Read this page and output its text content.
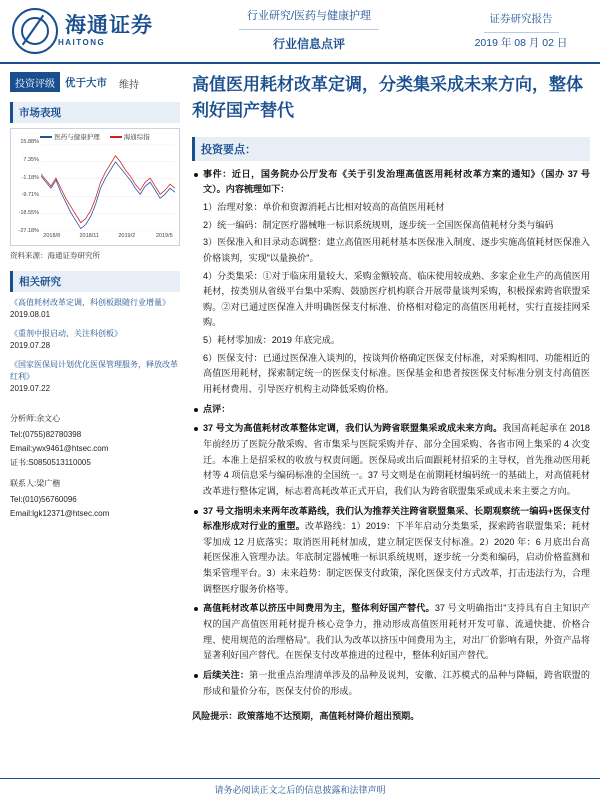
海通证券
HAITONG
行业研究/医药与健康护理
行业信息点评
证券研究报告
2019 年 08 月 02 日
投资评级 优于大市	维持
市场表现
医药与健康护理	海通综指
15.88%
7.35%
-1.18%
-9.71%
-18.55%
-27.18%
2018/8	2018/11	2019/2	2019/5
资料来源：海通证券研究所
相关研究
《高值耗材改革定调，科创板跟随行业增量》
2019.08.01
《重剂中报启动，关注科创板》
2019.07.28
《国家医保局计划优化医保管理服务，释放改革红利》
2019.07.22
分析师:余文心
Tel:(0755)82780398
Email:ywx9461@htsec.com
证书:S0850513110005
联系人:梁广楷
Tel:(010)56760096
Email:lgk12371@htsec.com
高值医用耗材改革定调，分类集采成未来方向，整体利好国产替代
投资要点：
事件：近日，国务院办公厅发布《关于引发治理高值医用耗材改革方案的通知》（国办 37 号文）。内容梳理如下：
1）治理对象：单价和资源消耗占比相对较高的高值医用耗材
2）统一编码：制定医疗器械唯一标识系统规则，逐步统一全国医保高值耗材分类与编码
3）医保准入和目录动态调整：建立高值医用耗材基本医保准入制度、逐步实施高值耗材医保准入价格谈判，实现"以量换价"。
4）分类集采：①对于临床用量较大、采购金额较高、临床使用较成熟、多家企业生产的高值医用耗材，按类别从省级平台集中采购、鼓励医疗机构联合开展带量谈判采购，积极探索跨省联盟采购。②对已通过医保准入并明确医保支付标准、价格相对稳定的高值医用耗材，实行直接挂网采购。
5）耗材零加成：2019 年底完成。
6）医保支付：已通过医保准入谈判的，按谈判价格确定医保支付标准，对采购相同、功能相近的高值医用耗材，探索制定统一的医保支付标准。医保基金和患者按医保支付标准分别支付高值医用耗材费用、引导医疗机构主动降低采购价格。
点评：
37 号文为高值耗材改革整体定调，我们认为跨省联盟集采或成未来方向。我国高耗起承在 2018 年前经历了医院分散采购、省市集采与医院采购并存、部分全国采购、各省市网上集采的 4 次变迁。本准上是招采权的收放与权责问题。医保局或出后面跟耗材招采的主导权，首先推动医用耗材等 4 项信息采与编码标准的全国统一。37 号文则是在前期耗材编码统一的基础上，对高值耗材改革进行整体定调，标志着高耗改革正式开启，我们认为跨省联盟集采或成未来主要之方向。
37 号文指明未来两年改革路线，我们认为推荐关注跨省联盟集采、长期观察统一编码+医保支付标准形成对行业的重塑。改革路线：1）2019：下半年启动分类集采，探索跨省联盟集采；耗材零加成 12 月底落实；取消医用耗材加成，建立制定医保支付标准。2）2020 年：6 月底出台高耗医保准入管理办法。年底制定器械唯一标识系统规则，逐步统一分类和编码，启动价格监测和集采管理平台。3）未来趋势：制定医保支付政策，深化医保支付方式改革，打击违法行为，合理调整医疗服务价格等。
高值耗材改革以挤压中间费用为主，整体利好国产替代。37 号文明确指出"支持具有自主知识产权的国产高值医用耗材提升核心竞争力，推动形成高值医用耗材开发可靠、流通快捷、价格合理、使用规范的治理格局"。我们认为改革以挤压中间费用为主，对出厂价影响有限，外资产品将显著利好国产替代。在医保支付改革推进的过程中，整体利好国产替代。
后续关注：第一批重点治理清单涉及的品种及说判，安徽、江苏模式的品种与降幅，跨省联盟的形成和量价分布，医保支付价的形成。
风险提示：政策落地不达预期，高值耗材降价超出预期。
请务必阅读正文之后的信息披露和法律声明
